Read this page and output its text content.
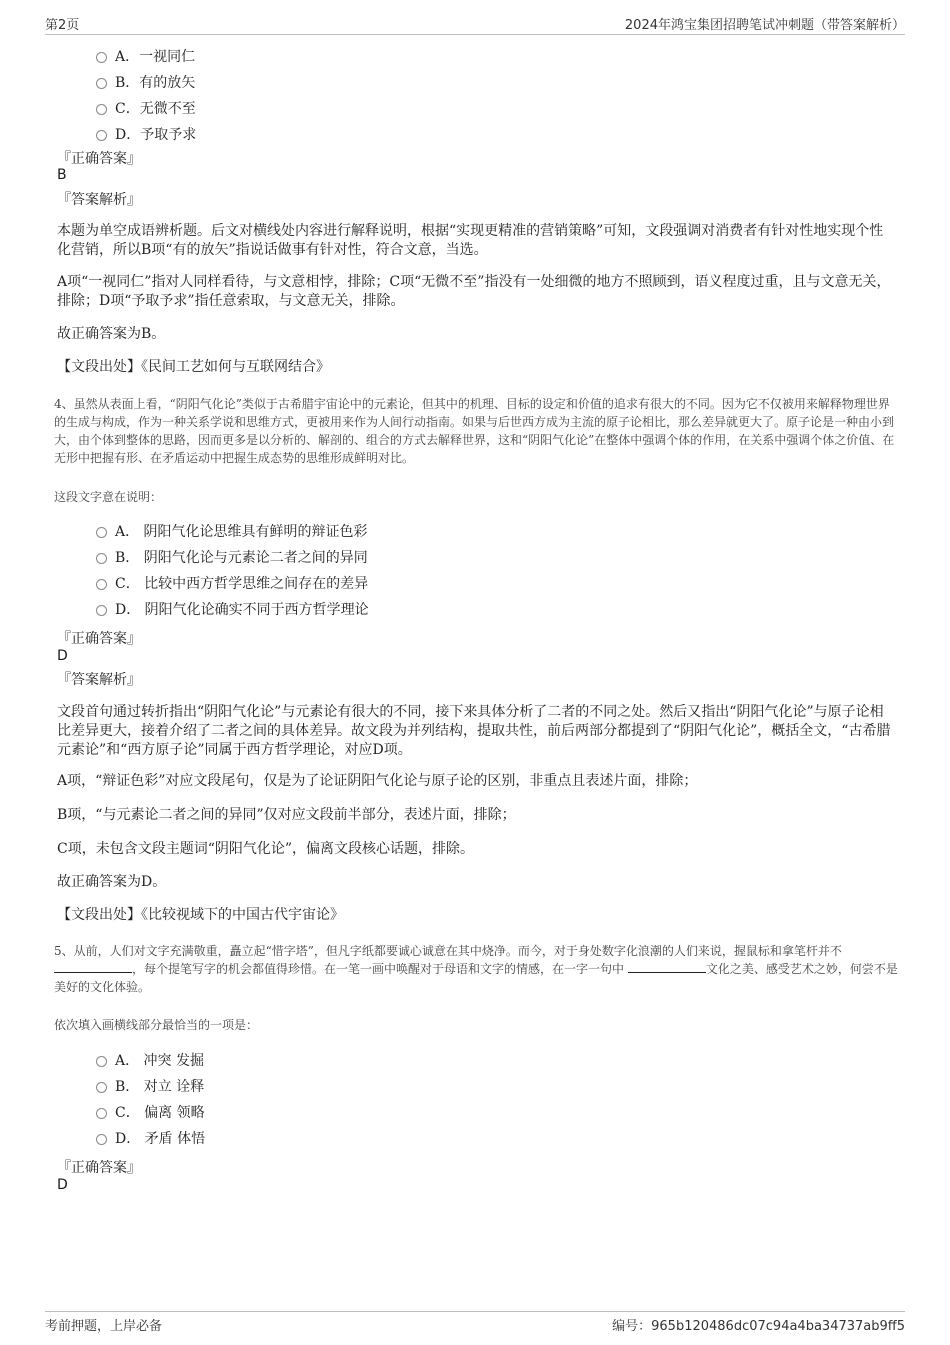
第2页	2024年鸿宝集团招聘笔试冲刺题（带答案解析）
A．一视同仁
B．有的放矢
C．无微不至
D．予取予求
『正确答案』
B
『答案解析』
本题为单空成语辨析题。后文对横线处内容进行解释说明，根据“实现更精准的营销策略”可知，文段强调对消费者有针对性地实现个性化营销，所以B项“有的放矢”指说话做事有针对性，符合文意，当选。
A项“一视同仁”指对人同样看待，与文意相悖，排除；C项“无微不至”指没有一处细微的地方不照顾到，语义程度过重，且与文意无关，排除；D项“予取予求”指任意索取，与文意无关，排除。
故正确答案为B。
【文段出处】《民间工艺如何与互联网结合》
4、虽然从表面上看，“阴阳气化论”类似于古希腊宇宙论中的元素论，但其中的机理、目标的设定和价值的追求有很大的不同。因为它不仅被用来解释物理世界的生成与构成，作为一种关系学说和思维方式，更被用来作为人间行动指南。如果与后世西方成为主流的原子论相比，那么差异就更大了。原子论是一种由小到大，由个体到整体的思路，因而更多是以分析的、解剖的、组合的方式去解释世界，这和“阴阳气化论”在整体中强调个体的作用，在关系中强调个体之价值、在无形中把握有形、在矛盾运动中把握生成态势的思维形成鲜明对比。
这段文字意在说明：
A． 阴阳气化论思维具有鲜明的辩证色彩
B． 阴阳气化论与元素论二者之间的异同
C． 比较中西方哲学思维之间存在的差异
D． 阴阳气化论确实不同于西方哲学理论
『正确答案』
D
『答案解析』
文段首句通过转折指出“阴阳气化论”与元素论有很大的不同，接下来具体分析了二者的不同之处。然后又指出“阴阳气化论”与原子论相比差异更大，接着介绍了二者之间的具体差异。故文段为并列结构，提取共性，前后两部分都提到了“阴阳气化论”，概括全文，“古希腊元素论”和“西方原子论”同属于西方哲学理论，对应D项。
A项，“辩证色彩”对应文段尾句，仅是为了论证阴阳气化论与原子论的区别，非重点且表述片面，排除；
B项，“与元素论二者之间的异同”仅对应文段前半部分，表述片面，排除；
C项，未包含文段主题词“阴阳气化论”，偏离文段核心话题，排除。
故正确答案为D。
【文段出处】《比较视域下的中国古代宇宙论》
5、从前，人们对文字充满敬重，矗立起“惜字塔”，但凡字纸都要诚心诚意在其中烧净。而今，对于身处数字化浪潮的人们来说，握鼠标和拿笔杆并不 ，每个提笔写字的机会都值得珍惜。在一笔一画中唤醒对于母语和文字的情感，在一字一句中	文化之美、感受艺术之妙，何尝不是美好的文化体验。
依次填入画横线部分最恰当的一项是：
A． 冲突 发掘
B． 对立 诠释
C． 偏离 领略
D． 矛盾 体悟
『正确答案』
D
考前押题，上岸必备	编号：965b120486dc07c94a4ba34737ab9ff5
